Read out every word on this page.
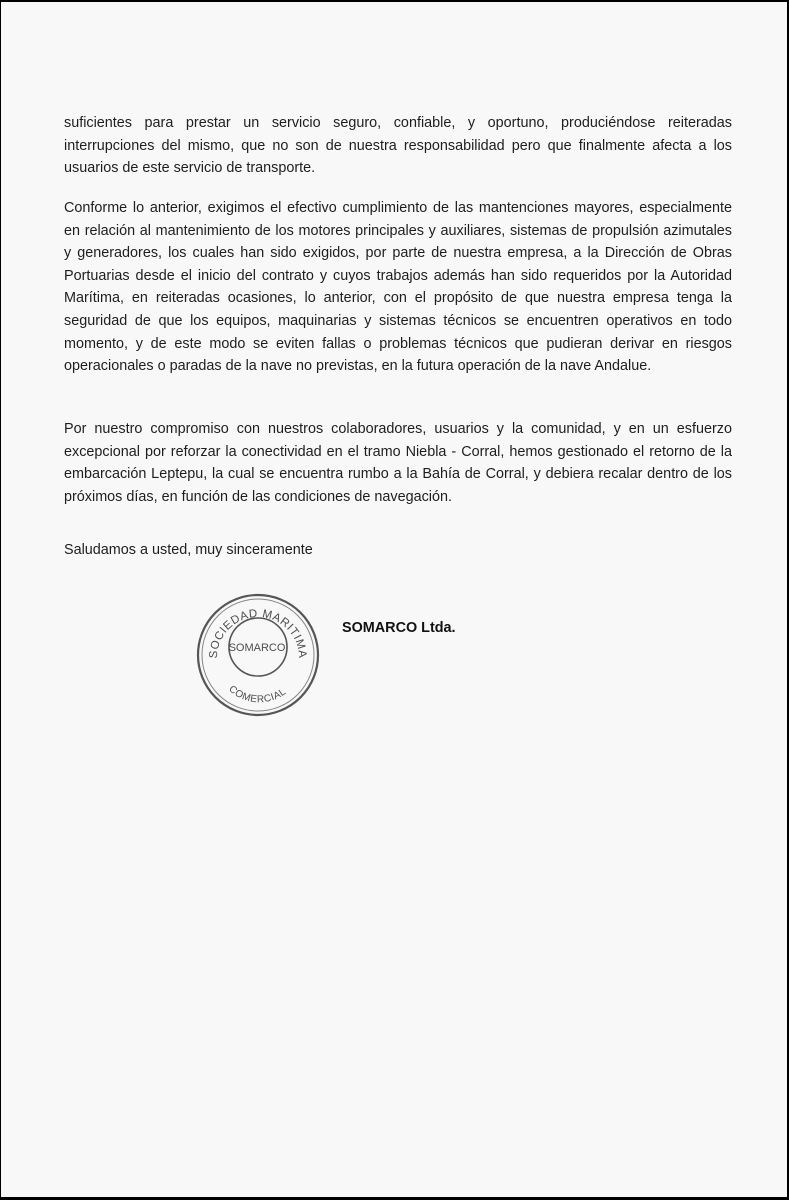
suficientes para prestar un servicio seguro, confiable, y oportuno, produciéndose reiteradas interrupciones del mismo, que no son de nuestra responsabilidad pero que finalmente afecta a los usuarios de este servicio de transporte.

Conforme lo anterior, exigimos el efectivo cumplimiento de las mantenciones mayores, especialmente en relación al mantenimiento de los motores principales y auxiliares, sistemas de propulsión azimutales y generadores, los cuales han sido exigidos, por parte de nuestra empresa, a la Dirección de Obras Portuarias desde el inicio del contrato y cuyos trabajos además han sido requeridos por la Autoridad Marítima, en reiteradas ocasiones, lo anterior, con el propósito de que nuestra empresa tenga la seguridad de que los equipos, maquinarias y sistemas técnicos se encuentren operativos en todo momento, y de este modo se eviten fallas o problemas técnicos que pudieran derivar en riesgos operacionales o paradas de la nave no previstas, en la futura operación de la nave Andalue.

Por nuestro compromiso con nuestros colaboradores, usuarios y la comunidad, y en un esfuerzo excepcional por reforzar la conectividad en el tramo Niebla - Corral, hemos gestionado el retorno de la embarcación Leptepu, la cual se encuentra rumbo a la Bahía de Corral, y debiera recalar dentro de los próximos días, en función de las condiciones de navegación.

Saludamos a usted, muy sinceramente

SOCIEDAD MARITIMA
SOMARCO
COMERCIAL

SOMARCO Ltda.
